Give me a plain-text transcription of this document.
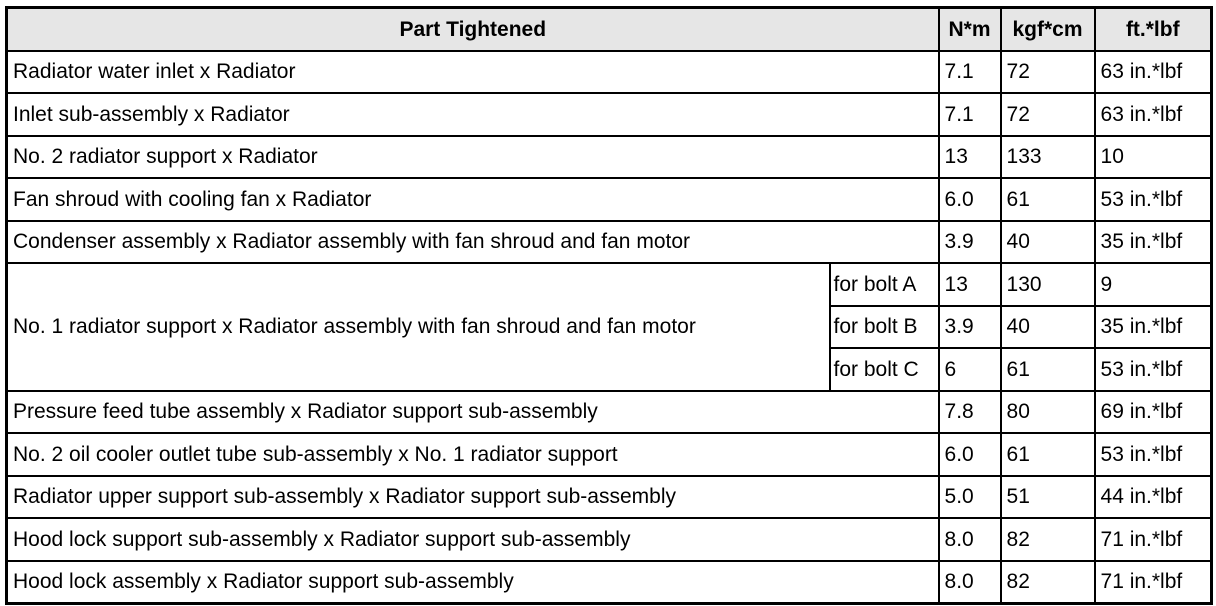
Part Tightened		N*m	kgf*cm	ft.*lbf
Radiator water inlet x Radiator		7.1	72	63 in.*lbf
Inlet sub-assembly x Radiator		7.1	72	63 in.*lbf
No. 2 radiator support x Radiator		13	133	10
Fan shroud with cooling fan x Radiator		6.0	61	53 in.*lbf
Condenser assembly x Radiator assembly with fan shroud and fan motor		3.9	40	35 in.*lbf
No. 1 radiator support x Radiator assembly with fan shroud and fan motor	for bolt A	13	130	9
	for bolt B	3.9	40	35 in.*lbf
	for bolt C	6	61	53 in.*lbf
Pressure feed tube assembly x Radiator support sub-assembly		7.8	80	69 in.*lbf
No. 2 oil cooler outlet tube sub-assembly x No. 1 radiator support		6.0	61	53 in.*lbf
Radiator upper support sub-assembly x Radiator support sub-assembly		5.0	51	44 in.*lbf
Hood lock support sub-assembly x Radiator support sub-assembly		8.0	82	71 in.*lbf
Hood lock assembly x Radiator support sub-assembly		8.0	82	71 in.*lbf
